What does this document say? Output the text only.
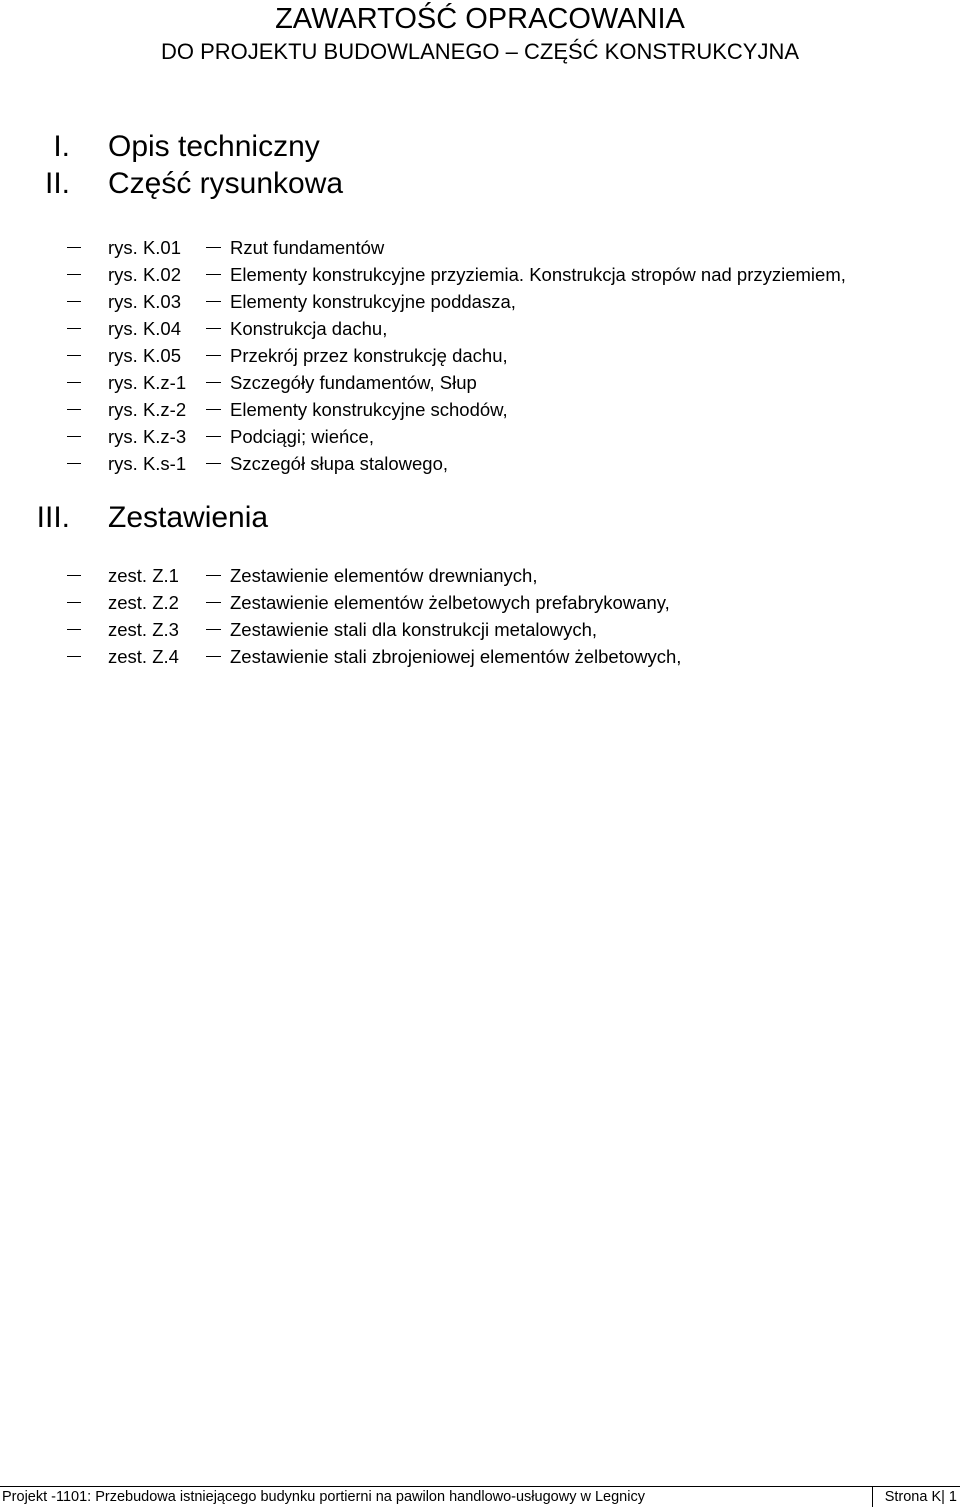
ZAWARTOŚĆ OPRACOWANIA
DO PROJEKTU BUDOWLANEGO – CZĘŚĆ KONSTRUKCYJNA
I. Opis techniczny
II. Część rysunkowa
rys. K.01	Rzut fundamentów
rys. K.02	Elementy konstrukcyjne przyziemia. Konstrukcja stropów nad przyziemiem,
rys. K.03	Elementy konstrukcyjne poddasza,
rys. K.04	Konstrukcja dachu,
rys. K.05	Przekrój przez konstrukcję dachu,
rys. K.z-1 Szczegóły fundamentów, Słup
rys. K.z-2 Elementy konstrukcyjne schodów,
rys. K.z-3 Podciągi; wieńce,
rys. K.s-1 Szczegół słupa stalowego,
III. Zestawienia
zest. Z.1	Zestawienie elementów drewnianych,
zest. Z.2	Zestawienie elementów żelbetowych prefabrykowany,
zest. Z.3	Zestawienie stali dla konstrukcji metalowych,
zest. Z.4	Zestawienie stali zbrojeniowej elementów żelbetowych,
Projekt -1101: Przebudowa istniejącego budynku portierni na pawilon handlowo-usługowy w Legnicy	Strona K| 1
